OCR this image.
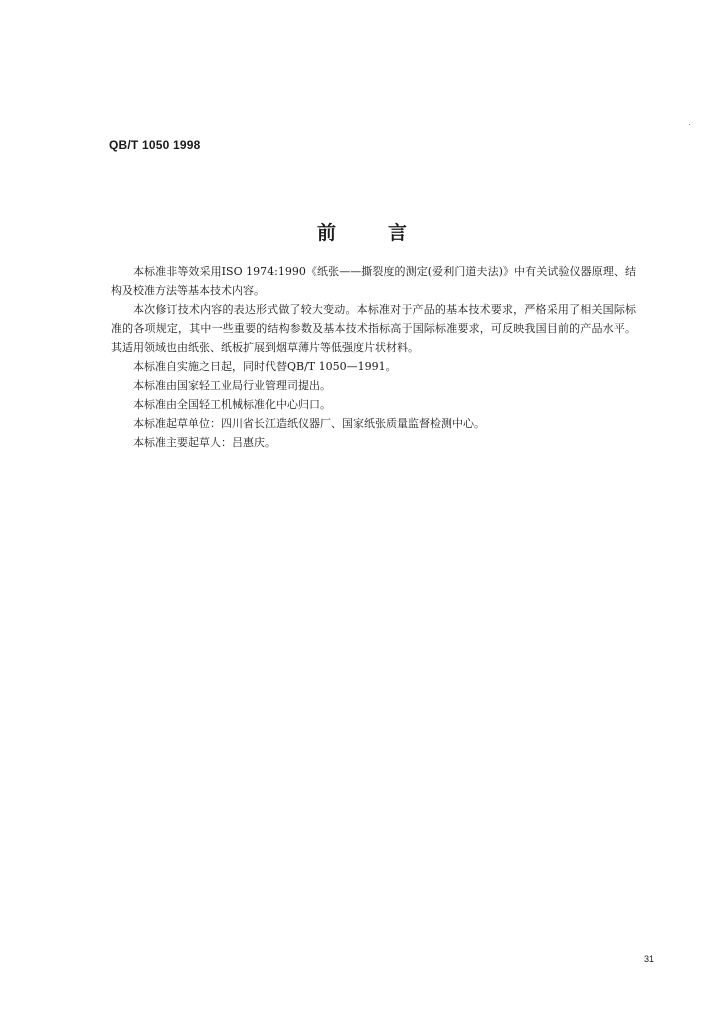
QB/T 1050 1998
前言

本标准非等效采用ISO 1974:1990《纸张——撕裂度的测定(爱利门道夫法)》中有关试验仪器原理、结构及校准方法等基本技术内容。

本次修订技术内容的表达形式做了较大变动。本标准对于产品的基本技术要求，严格采用了相关国际标准的各项规定，其中一些重要的结构参数及基本技术指标高于国际标准要求，可反映我国目前的产品水平。其适用领域也由纸张、纸板扩展到烟草薄片等低强度片状材料。

本标准自实施之日起，同时代替QB/T 1050—1991。

本标准由国家轻工业局行业管理司提出。

本标准由全国轻工机械标准化中心归口。

本标准起草单位：四川省长江造纸仪器厂、国家纸张质量监督检测中心。

本标准主要起草人：吕惠庆。

31
